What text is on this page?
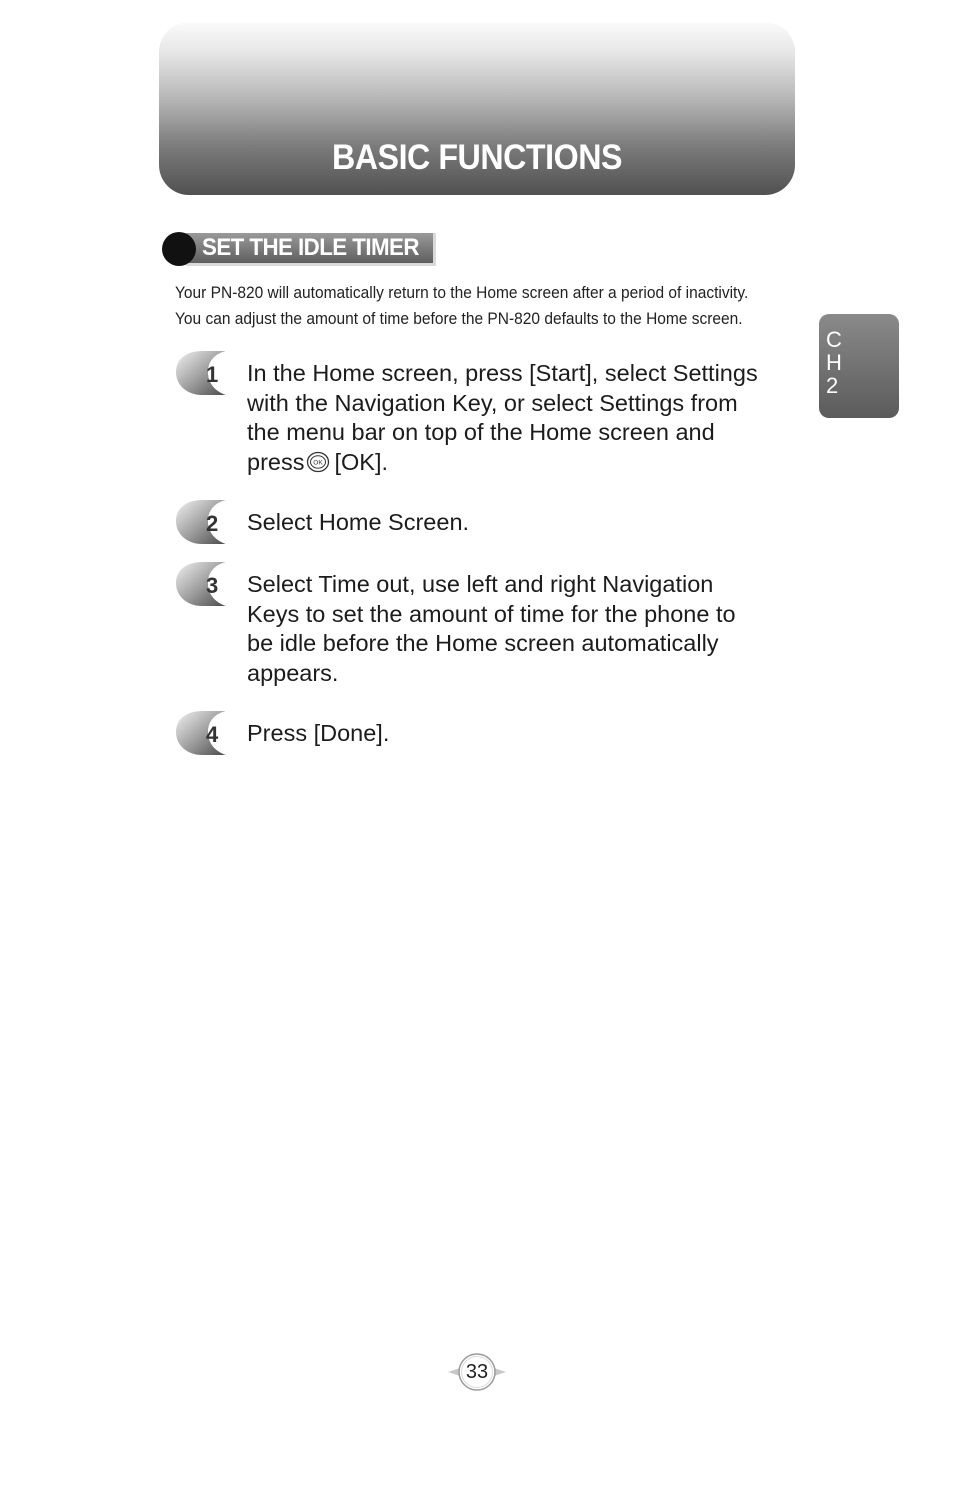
BASIC FUNCTIONS
SET THE IDLE TIMER

Your PN-820 will automatically return to the Home screen after a period of inactivity.

You can adjust the amount of time before the PN-820 defaults to the Home screen.

1 In the Home screen, press [Start], select Settings
with the Navigation Key, or select Settings from
the menu bar on top of the Home screen and
press OK [OK].
2 Select Home Screen.
3 Select Time out, use left and right Navigation
Keys to set the amount of time for the phone to
be idle before the Home screen automatically
appears.
4 Press [Done].
C
H
2
33
